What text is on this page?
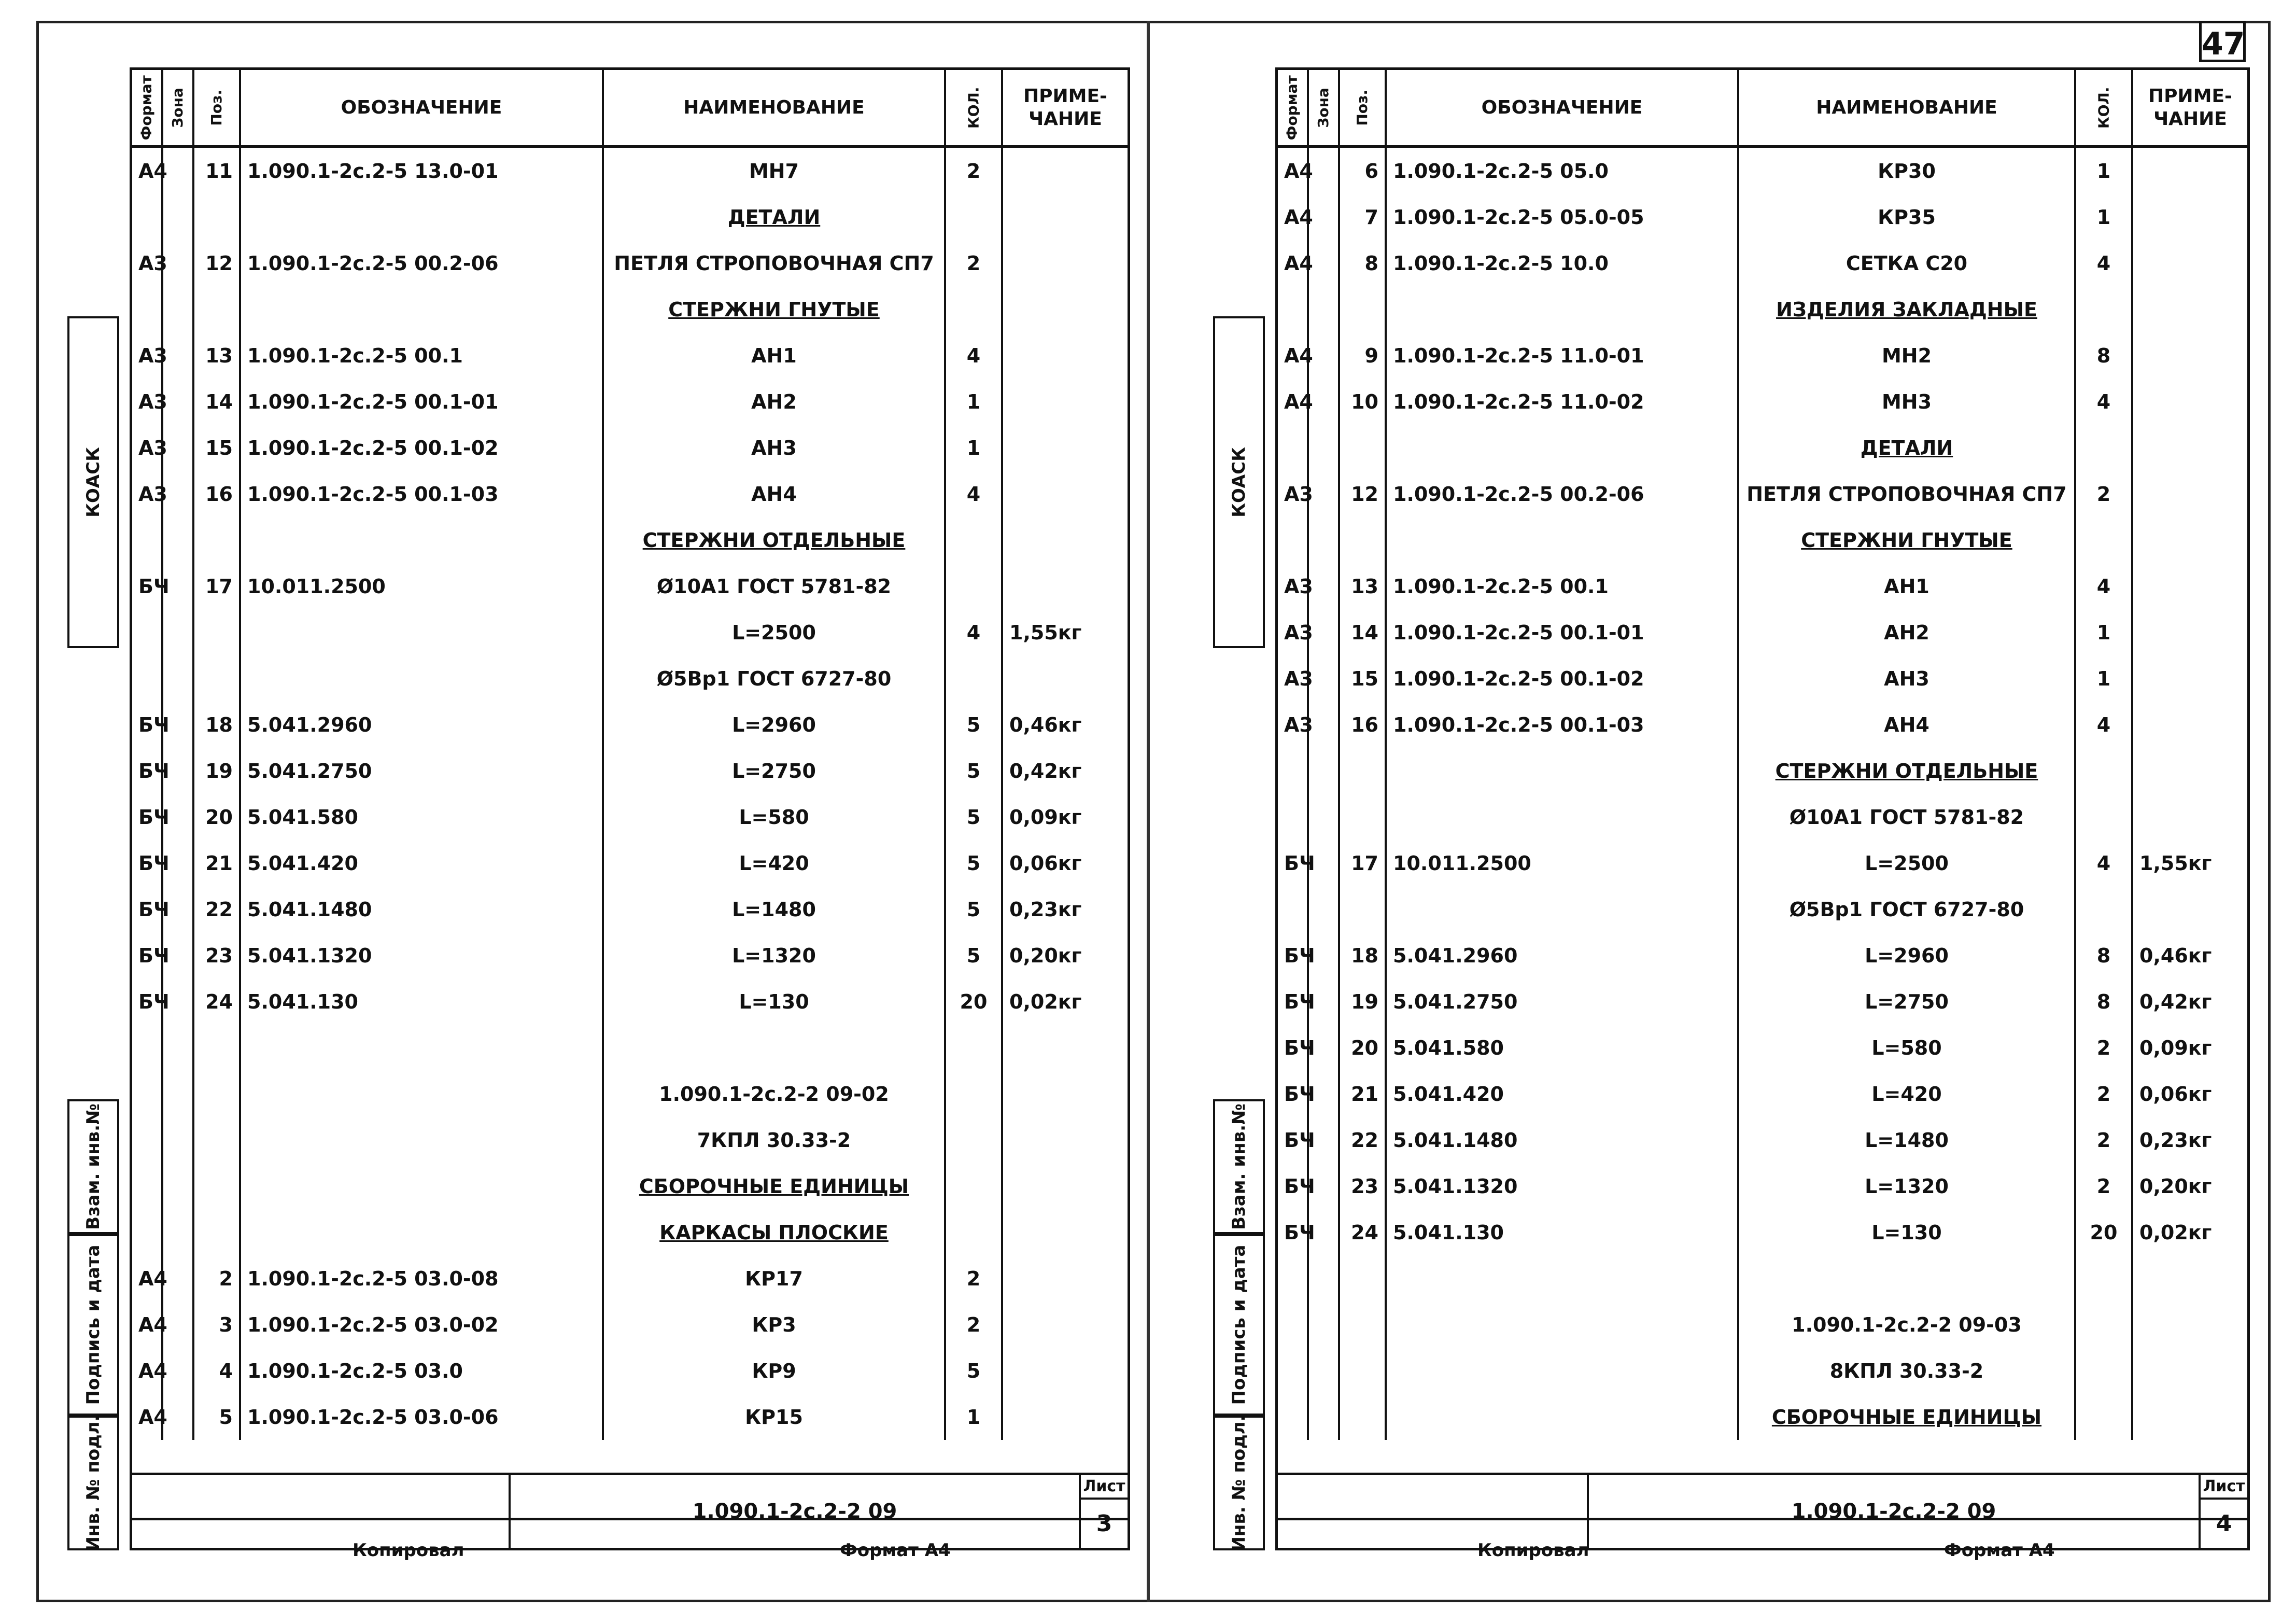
КОАСК
Взам. инв.№
Подпись и дата
Инв. № подл.
Формат Зона Поз.	ОБОЗНАЧЕНИЕ	НАИМЕНОВАНИЕ	КОЛ.	ПРИМЕ- ЧАНИЕ
А4	11 1.090.1-2с.2-5 13.0-01	МН7	2
ДЕТАЛИ
А3	12 1.090.1-2с.2-5 00.2-06	ПЕТЛЯ СТРОПОВОЧНАЯ СП7	2
СТЕРЖНИ ГНУТЫЕ
А3	13 1.090.1-2с.2-5 00.1	АН1	4
А3	14 1.090.1-2с.2-5 00.1-01	АН2	1
А3	15 1.090.1-2с.2-5 00.1-02	АН3	1
А3	16 1.090.1-2с.2-5 00.1-03	АН4	4
СТЕРЖНИ ОТДЕЛЬНЫЕ
БЧ	17 10.011.2500	Ø10А1 ГОСТ 5781-82
L=2500	4	1,55кг
Ø5Вр1 ГОСТ 6727-80
БЧ	18 5.041.2960	L=2960	5	0,46кг
БЧ	19 5.041.2750	L=2750	5	0,42кг
БЧ	20 5.041.580	L=580	5	0,09кг
БЧ	21 5.041.420	L=420	5	0,06кг
БЧ	22 5.041.1480	L=1480	5	0,23кг
БЧ	23 5.041.1320	L=1320	5	0,20кг
БЧ	24 5.041.130	L=130	20	0,02кг
1.090.1-2с.2-2 09-02
7КПЛ 30.33-2
СБОРОЧНЫЕ ЕДИНИЦЫ
КАРКАСЫ ПЛОСКИЕ
А4	2 1.090.1-2с.2-5 03.0-08	КР17	2
А4	3 1.090.1-2с.2-5 03.0-02	КР3	2
А4	4 1.090.1-2с.2-5 03.0	КР9	5
А4	5 1.090.1-2с.2-5 03.0-06	КР15	1
1.090.1-2с.2-2 09
Лист
3
Копировал	Формат А4
47
КОАСК
Взам. инв.№
Подпись и дата
Инв. № подл.
Формат Зона Поз.	ОБОЗНАЧЕНИЕ	НАИМЕНОВАНИЕ	КОЛ.	ПРИМЕ- ЧАНИЕ
А4	6 1.090.1-2с.2-5 05.0	КР30	1
А4	7 1.090.1-2с.2-5 05.0-05	КР35	1
А4	8 1.090.1-2с.2-5 10.0	СЕТКА С20	4
ИЗДЕЛИЯ ЗАКЛАДНЫЕ
А4	9 1.090.1-2с.2-5 11.0-01	МН2	8
А4	10 1.090.1-2с.2-5 11.0-02	МН3	4
ДЕТАЛИ
А3	12 1.090.1-2с.2-5 00.2-06	ПЕТЛЯ СТРОПОВОЧНАЯ СП7	2
СТЕРЖНИ ГНУТЫЕ
А3	13 1.090.1-2с.2-5 00.1	АН1	4
А3	14 1.090.1-2с.2-5 00.1-01	АН2	1
А3	15 1.090.1-2с.2-5 00.1-02	АН3	1
А3	16 1.090.1-2с.2-5 00.1-03	АН4	4
СТЕРЖНИ ОТДЕЛЬНЫЕ
Ø10А1 ГОСТ 5781-82
БЧ	17 10.011.2500	L=2500	4	1,55кг
Ø5Вр1 ГОСТ 6727-80
БЧ	18 5.041.2960	L=2960	8	0,46кг
БЧ	19 5.041.2750	L=2750	8	0,42кг
БЧ	20 5.041.580	L=580	2	0,09кг
БЧ	21 5.041.420	L=420	2	0,06кг
БЧ	22 5.041.1480	L=1480	2	0,23кг
БЧ	23 5.041.1320	L=1320	2	0,20кг
БЧ	24 5.041.130	L=130	20	0,02кг
1.090.1-2с.2-2 09-03
8КПЛ 30.33-2
СБОРОЧНЫЕ ЕДИНИЦЫ
1.090.1-2с.2-2 09
Лист
4
Копировал	Формат А4
